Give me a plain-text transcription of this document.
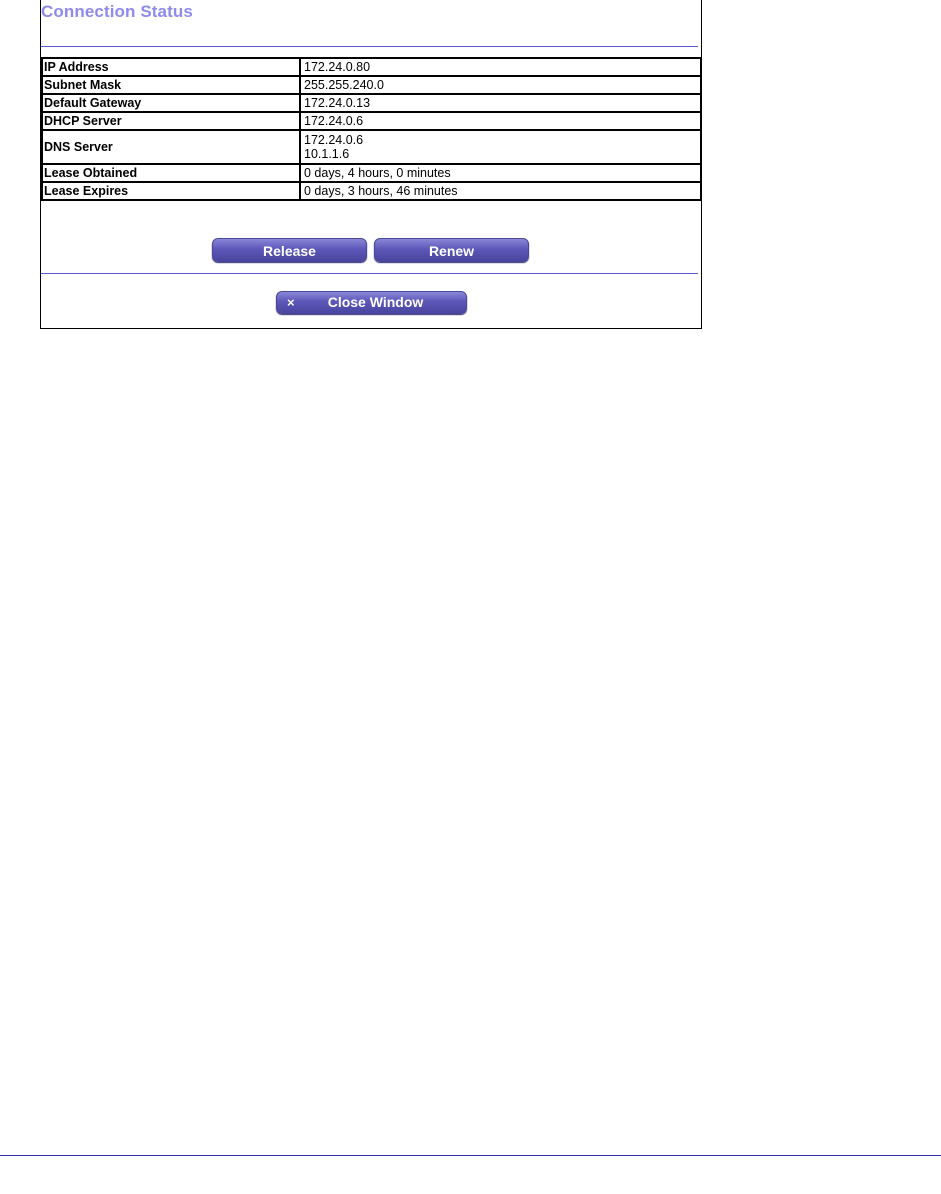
Connection Status
IP Address	172.24.0.80
Subnet Mask	255.255.240.0
Default Gateway	172.24.0.13
DHCP Server	172.24.0.6
DNS Server	172.24.0.6
10.1.1.6

Lease Obtained	0 days, 4 hours, 0 minutes
Lease Expires	0 days, 3 hours, 46 minutes
Release	Renew
× Close Window
